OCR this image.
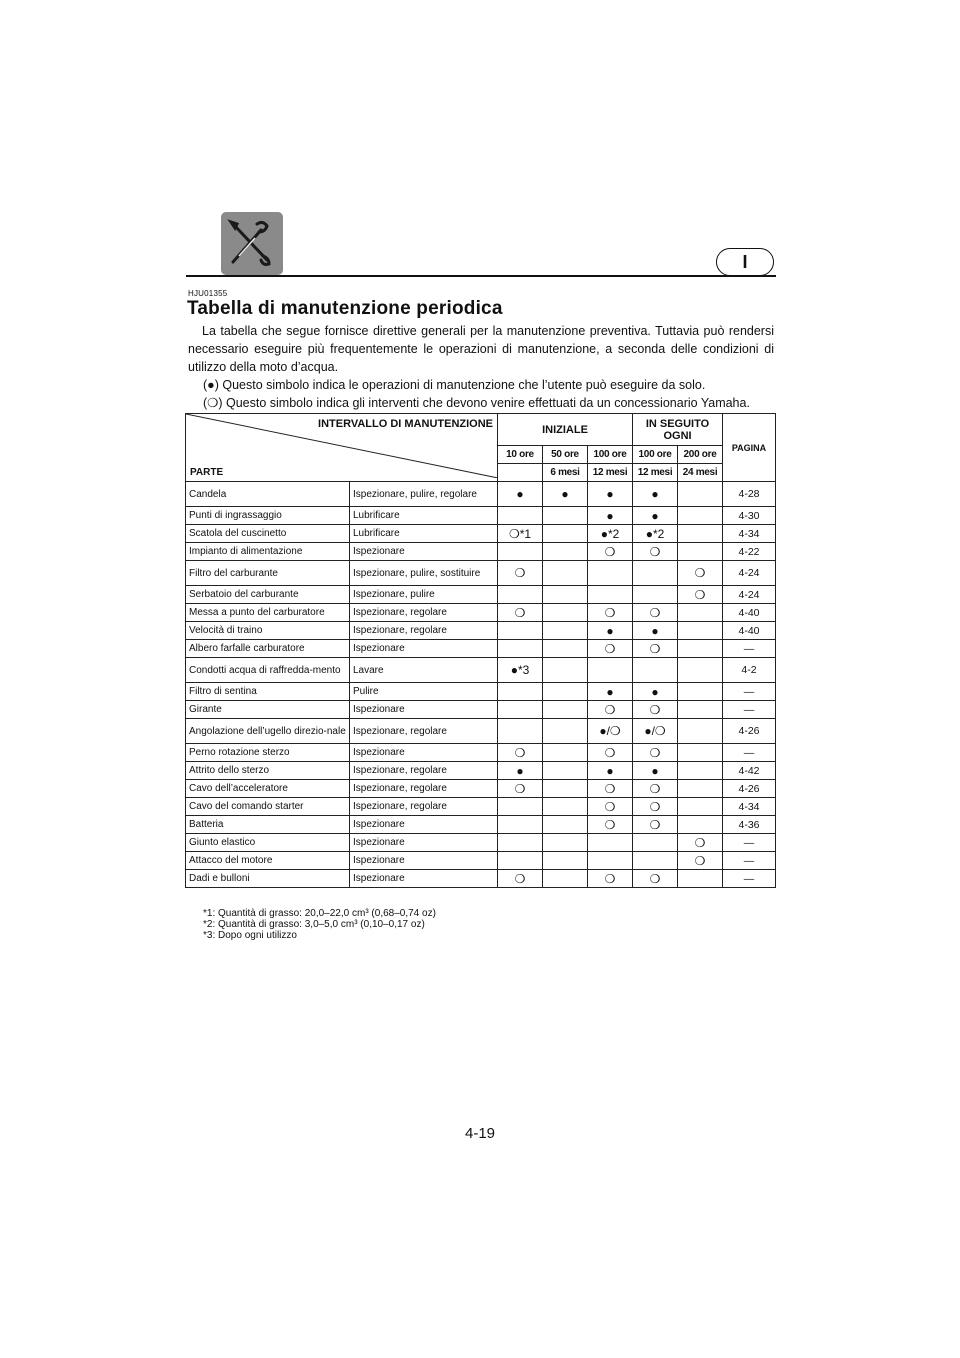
I
HJU01355
Tabella di manutenzione periodica

La tabella che segue fornisce direttive generali per la manutenzione preventiva. Tuttavia può rendersi necessario eseguire più frequentemente le operazioni di manutenzione, a seconda delle condizioni di utilizzo della moto d’acqua.

(●) Questo simbolo indica le operazioni di manutenzione che l’utente può eseguire da solo.
(❍) Questo simbolo indica gli interventi che devono venire effettuati da un concessionario Yamaha.
INTERVALLO DI MANUTENZIONE
PARTE		INIZIALE			IN SEGUITO OGNI		PAGINA
		10 ore	50 ore	100 ore	100 ore	200 ore	
			6 mesi	12 mesi	12 mesi	24 mesi	
Candela	Ispezionare, pulire, regolare	●	●	●	●		4-28
Punti di ingrassaggio	Lubrificare			●	●		4-30
Scatola del cuscinetto	Lubrificare	❍*1		●*2	●*2		4-34
Impianto di alimentazione	Ispezionare			❍	❍		4-22
Filtro del carburante	Ispezionare, pulire, sostituire	❍				❍	4-24
Serbatoio del carburante	Ispezionare, pulire					❍	4-24
Messa a punto del carburatore	Ispezionare, regolare	❍		❍	❍		4-40
Velocità di traino	Ispezionare, regolare			●	●		4-40
Albero farfalle carburatore	Ispezionare			❍	❍		—
Condotti acqua di raffredda-mento	Lavare	●*3					4-2
Filtro di sentina	Pulire			●	●		—
Girante	Ispezionare			❍	❍		—
Angolazione dell’ugello direzio-nale	Ispezionare, regolare			●/❍	●/❍		4-26
Perno rotazione sterzo	Ispezionare	❍		❍	❍		—
Attrito dello sterzo	Ispezionare, regolare	●		●	●		4-42
Cavo dell’acceleratore	Ispezionare, regolare	❍		❍	❍		4-26
Cavo del comando starter	Ispezionare, regolare			❍	❍		4-34
Batteria	Ispezionare			❍	❍		4-36
Giunto elastico	Ispezionare					❍	—
Attacco del motore	Ispezionare					❍	—
Dadi e bulloni	Ispezionare	❍		❍	❍		—
*1: Quantità di grasso: 20,0–22,0 cm³ (0,68–0,74 oz)
*2: Quantità di grasso: 3,0–5,0 cm³ (0,10–0,17 oz)
*3: Dopo ogni utilizzo
4-19
